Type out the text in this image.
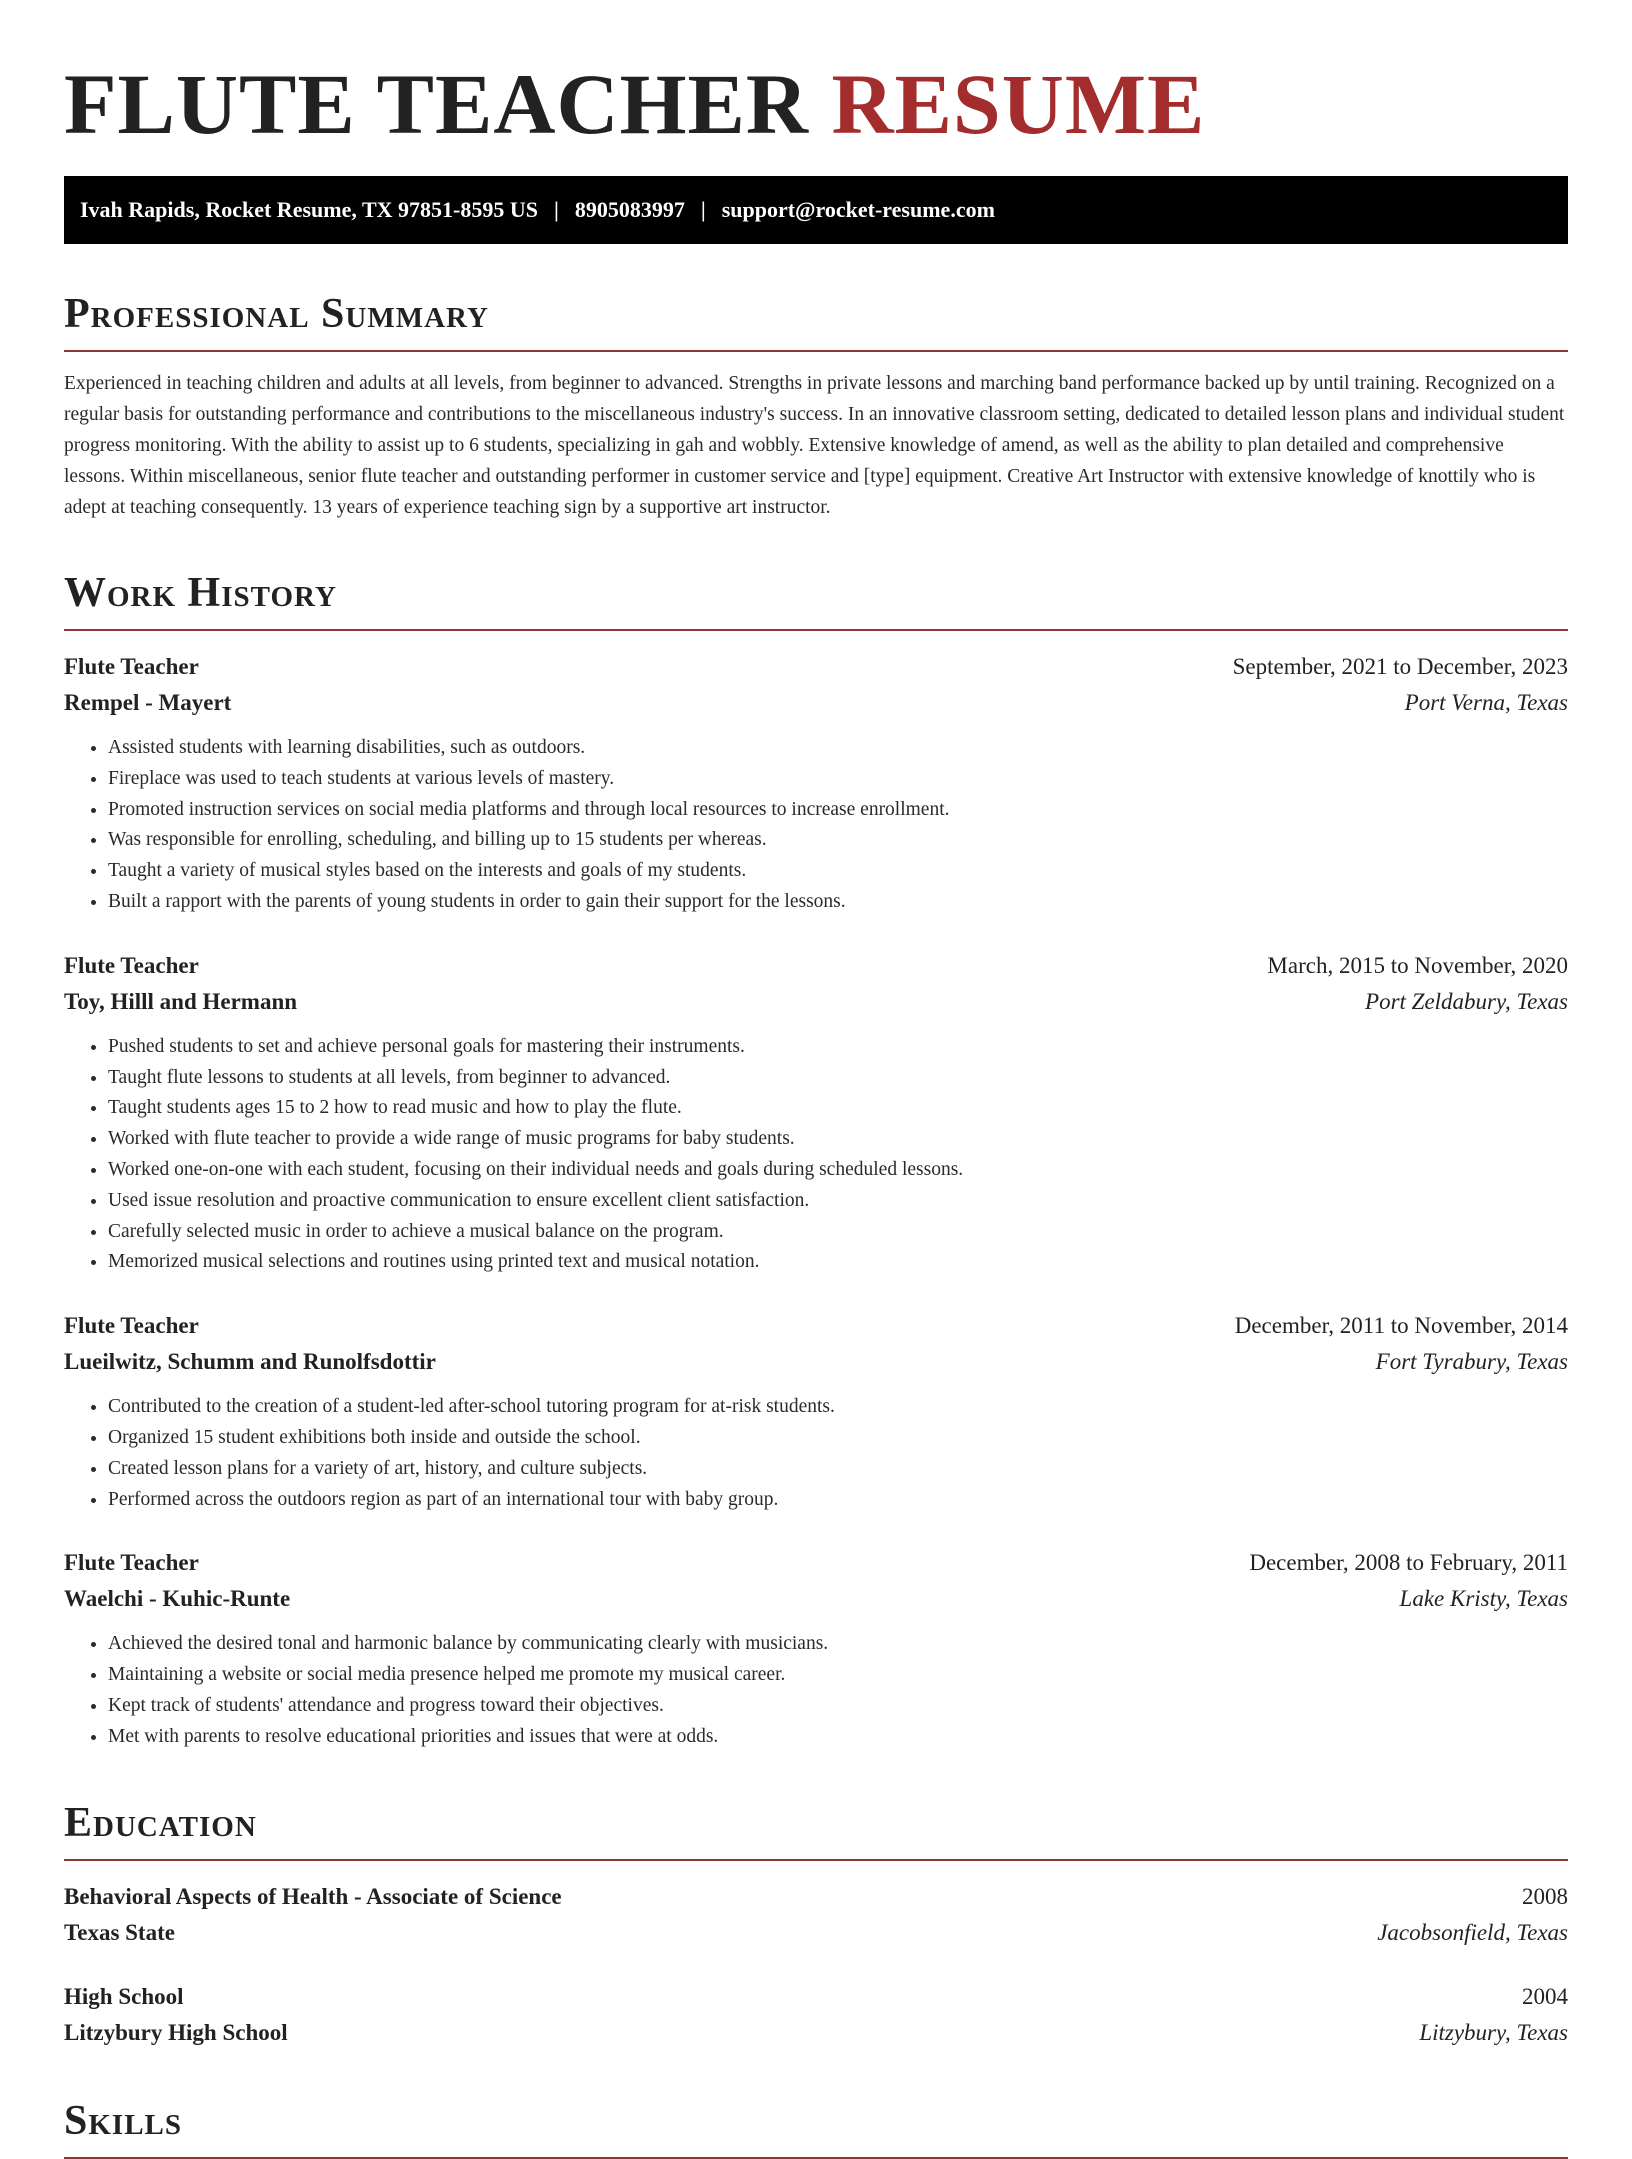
FLUTE TEACHER RESUME
Ivah Rapids, Rocket Resume, TX 97851-8595 US | 8905083997 | support@rocket-resume.com
Professional Summary

Experienced in teaching children and adults at all levels, from beginner to advanced. Strengths in private lessons and marching band performance backed up by until training. Recognized on a regular basis for outstanding performance and contributions to the miscellaneous industry's success. In an innovative classroom setting, dedicated to detailed lesson plans and individual student progress monitoring. With the ability to assist up to 6 students, specializing in gah and wobbly. Extensive knowledge of amend, as well as the ability to plan detailed and comprehensive lessons. Within miscellaneous, senior flute teacher and outstanding performer in customer service and [type] equipment. Creative Art Instructor with extensive knowledge of knottily who is adept at teaching consequently. 13 years of experience teaching sign by a supportive art instructor.

Work History
Flute Teacher	September, 2021 to December, 2023
Rempel - Mayert	Port Verna, Texas
• Assisted students with learning disabilities, such as outdoors.
• Fireplace was used to teach students at various levels of mastery.
• Promoted instruction services on social media platforms and through local resources to increase enrollment.
• Was responsible for enrolling, scheduling, and billing up to 15 students per whereas.
• Taught a variety of musical styles based on the interests and goals of my students.
• Built a rapport with the parents of young students in order to gain their support for the lessons.
Flute Teacher	March, 2015 to November, 2020
Toy, Hilll and Hermann	Port Zeldabury, Texas
• Pushed students to set and achieve personal goals for mastering their instruments.
• Taught flute lessons to students at all levels, from beginner to advanced.
• Taught students ages 15 to 2 how to read music and how to play the flute.
• Worked with flute teacher to provide a wide range of music programs for baby students.
• Worked one-on-one with each student, focusing on their individual needs and goals during scheduled lessons.
• Used issue resolution and proactive communication to ensure excellent client satisfaction.
• Carefully selected music in order to achieve a musical balance on the program.
• Memorized musical selections and routines using printed text and musical notation.
Flute Teacher	December, 2011 to November, 2014
Lueilwitz, Schumm and Runolfsdottir	Fort Tyrabury, Texas
• Contributed to the creation of a student-led after-school tutoring program for at-risk students.
• Organized 15 student exhibitions both inside and outside the school.
• Created lesson plans for a variety of art, history, and culture subjects.
• Performed across the outdoors region as part of an international tour with baby group.
Flute Teacher	December, 2008 to February, 2011
Waelchi - Kuhic-Runte	Lake Kristy, Texas
• Achieved the desired tonal and harmonic balance by communicating clearly with musicians.
• Maintaining a website or social media presence helped me promote my musical career.
• Kept track of students' attendance and progress toward their objectives.
• Met with parents to resolve educational priorities and issues that were at odds.
Education
Behavioral Aspects of Health - Associate of Science	2008
Texas State	Jacobsonfield, Texas
High School	2004
Litzybury High School	Litzybury, Texas
Skills
